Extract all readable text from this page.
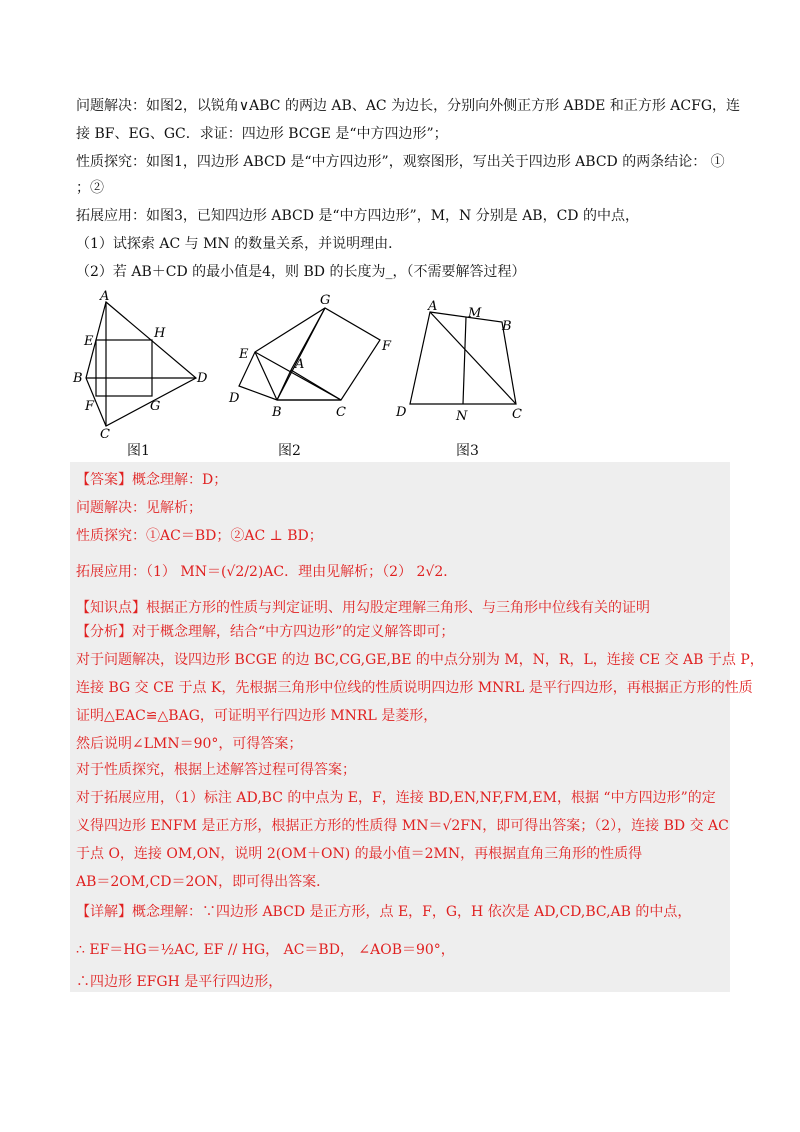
问题解决：如图2，以锐角∨ABC 的两边 AB、AC 为边长，分别向外侧正方形 ABDE 和正方形 ACFG，连
接 BF、EG、GC．求证：四边形 BCGE 是“中方四边形”；
性质探究：如图1，四边形 ABCD 是“中方四边形”，观察图形，写出关于四边形 ABCD 的两条结论： ①
；②
拓展应用：如图3，已知四边形 ABCD 是“中方四边形”，M，N 分别是 AB，CD 的中点，
（1）试探索 AC 与 MN 的数量关系，并说明理由．
（2）若 AB＋CD 的最小值是4，则 BD 的长度为_，（不需要解答过程）
A
B
C
D
E
F	G
H
图1
G
E
A
F
D
B	C
图2
A M
B
D	N	C
图3
【答案】概念理解：D；
问题解决：见解析；
性质探究：①AC＝BD；②AC ⊥ BD；
拓展应用：（1） MN＝(√2/2)AC．理由见解析；（2） 2√2．
【知识点】根据正方形的性质与判定证明、用勾股定理解三角形、与三角形中位线有关的证明
【分析】对于概念理解，结合“中方四边形”的定义解答即可；
对于问题解决，设四边形 BCGE 的边 BC,CG,GE,BE 的中点分别为 M，N，R，L，连接 CE 交 AB 于点 P，
连接 BG 交 CE 于点 K，先根据三角形中位线的性质说明四边形 MNRL 是平行四边形，再根据正方形的性质
证明△EAC≌△BAG，可证明平行四边形 MNRL 是菱形，
然后说明∠LMN＝90°，可得答案；
对于性质探究，根据上述解答过程可得答案；
对于拓展应用，（1）标注 AD,BC 的中点为 E，F，连接 BD,EN,NF,FM,EM，根据 “中方四边形”的定
义得四边形 ENFM 是正方形，根据正方形的性质得 MN＝√2FN，即可得出答案；（2），连接 BD 交 AC
于点 O，连接 OM,ON，说明 2(OM＋ON) 的最小值＝2MN，再根据直角三角形的性质得
AB＝2OM,CD＝2ON，即可得出答案．
【详解】概念理解：∵四边形 ABCD 是正方形，点 E，F，G，H 依次是 AD,CD,BC,AB 的中点，
∴ EF＝HG＝½AC, EF // HG， AC＝BD， ∠AOB＝90°，
∴四边形 EFGH 是平行四边形，
